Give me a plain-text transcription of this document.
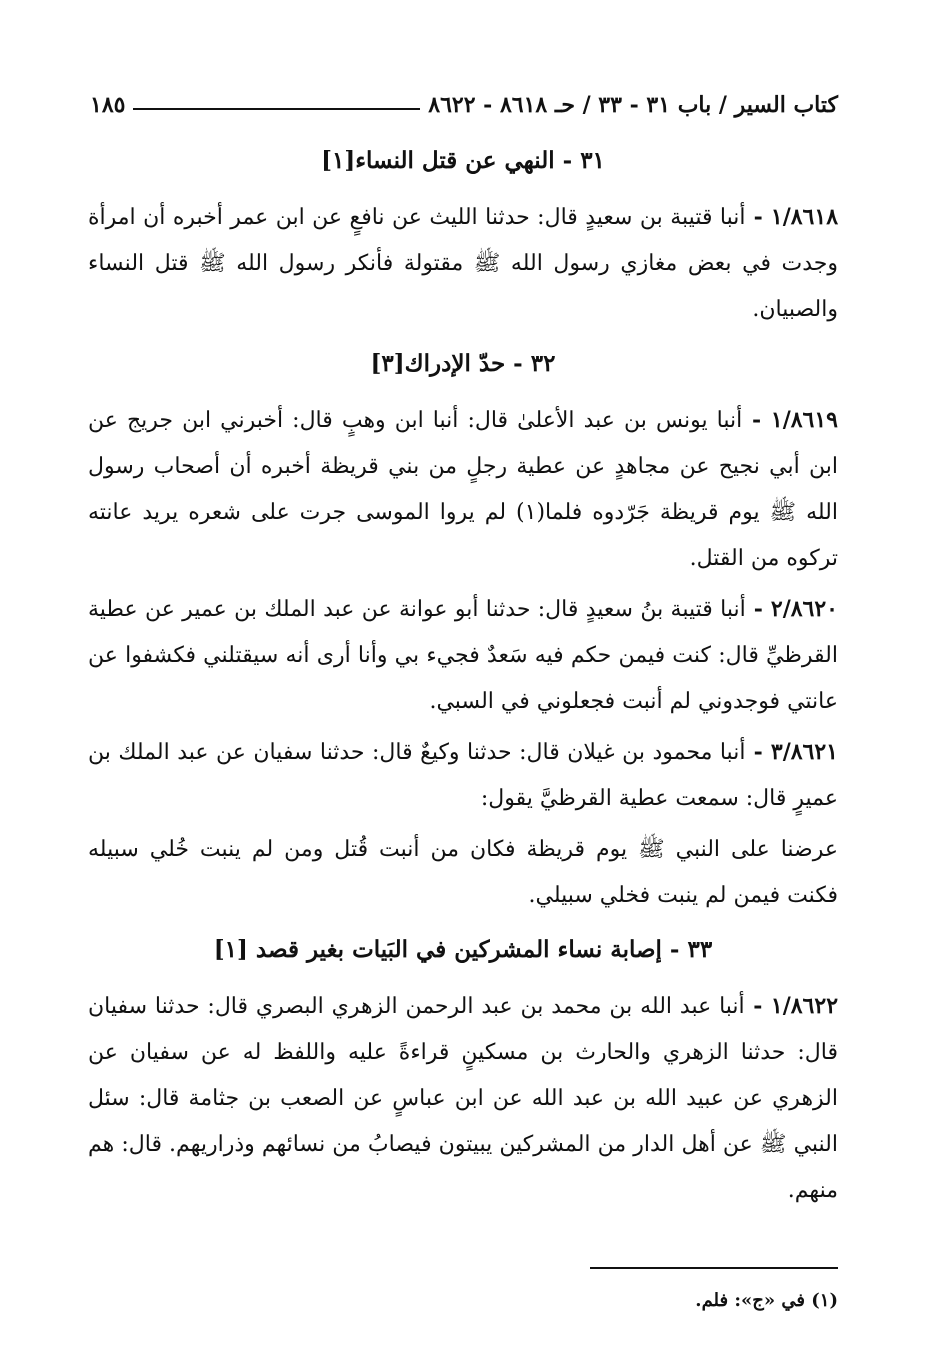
كتاب السير / باب ٣١ - ٣٣ / حـ ٨٦١٨ - ٨٦٢٢
١٨٥
٣١ - النهي عن قتل النساء[١]

١/٨٦١٨ - أنبا قتيبة بن سعيدٍ قال: حدثنا الليث عن نافعٍ عن ابن عمر أخبره أن امرأة وجدت في بعض مغازي رسول الله ﷺ مقتولة فأنكر رسول الله ﷺ قتل النساء والصبيان.

٣٢ - حدّ الإدراك[٣]

١/٨٦١٩ - أنبا يونس بن عبد الأعلىٰ قال: أنبا ابن وهبٍ قال: أخبرني ابن جريج عن ابن أبي نجيح عن مجاهدٍ عن عطية رجلٍ من بني قريظة أخبره أن أصحاب رسول الله ﷺ يوم قريظة جَرّدوه فلما(١) لم يروا الموسى جرت على شعره يريد عانته تركوه من القتل.

٢/٨٦٢٠ - أنبا قتيبة بنُ سعيدٍ قال: حدثنا أبو عوانة عن عبد الملك بن عمير عن عطية القرظيِّ قال: كنت فيمن حكم فيه سَعدٌ فجيء بي وأنا أرى أنه سيقتلني فكشفوا عن عانتي فوجدوني لم أنبت فجعلوني في السبي.

٣/٨٦٢١ - أنبا محمود بن غيلان قال: حدثنا وكيعٌ قال: حدثنا سفيان عن عبد الملك بن عميرٍ قال: سمعت عطية القرظيَّ يقول:

عرضنا على النبي ﷺ يوم قريظة فكان من أنبت قُتل ومن لم ينبت خُلي سبيله فكنت فيمن لم ينبت فخلي سبيلي.

٣٣ - إصابة نساء المشركين في البَيات بغير قصد [١]

١/٨٦٢٢ - أنبا عبد الله بن محمد بن عبد الرحمن الزهري البصري قال: حدثنا سفيان قال: حدثنا الزهري والحارث بن مسكينٍ قراءةً عليه واللفظ له عن سفيان عن الزهري عن عبيد الله بن عبد الله عن ابن عباسٍ عن الصعب بن جثامة قال: سئل النبي ﷺ عن أهل الدار من المشركين يبيتون فيصابُ من نسائهم وذراريهم. قال: هم منهم.

(١) في «ج»: فلم.
